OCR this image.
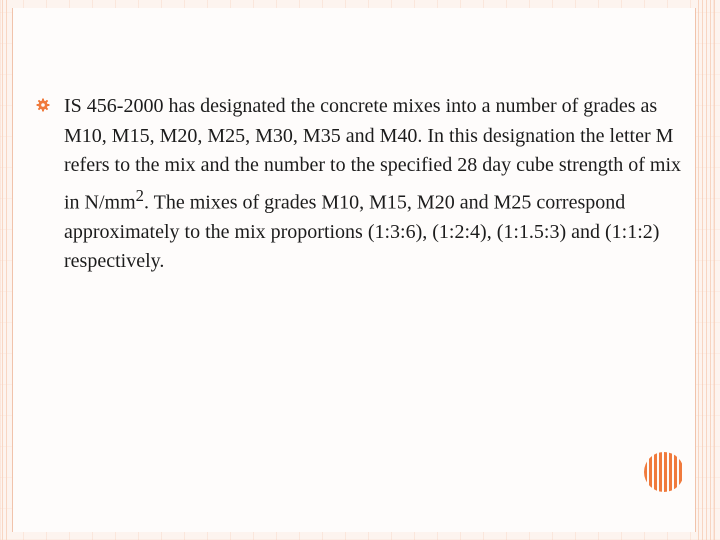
IS 456-2000 has designated the concrete mixes into a number of grades as M10, M15, M20, M25, M30, M35 and M40. In this designation the letter M refers to the mix and the number to the specified 28 day cube strength of mix in $N/mm^2$. The mixes of grades M10, M15, M20 and M25 correspond approximately to the mix proportions (1:3:6), (1:2:4), (1:1.5:3) and (1:1:2) respectively.
